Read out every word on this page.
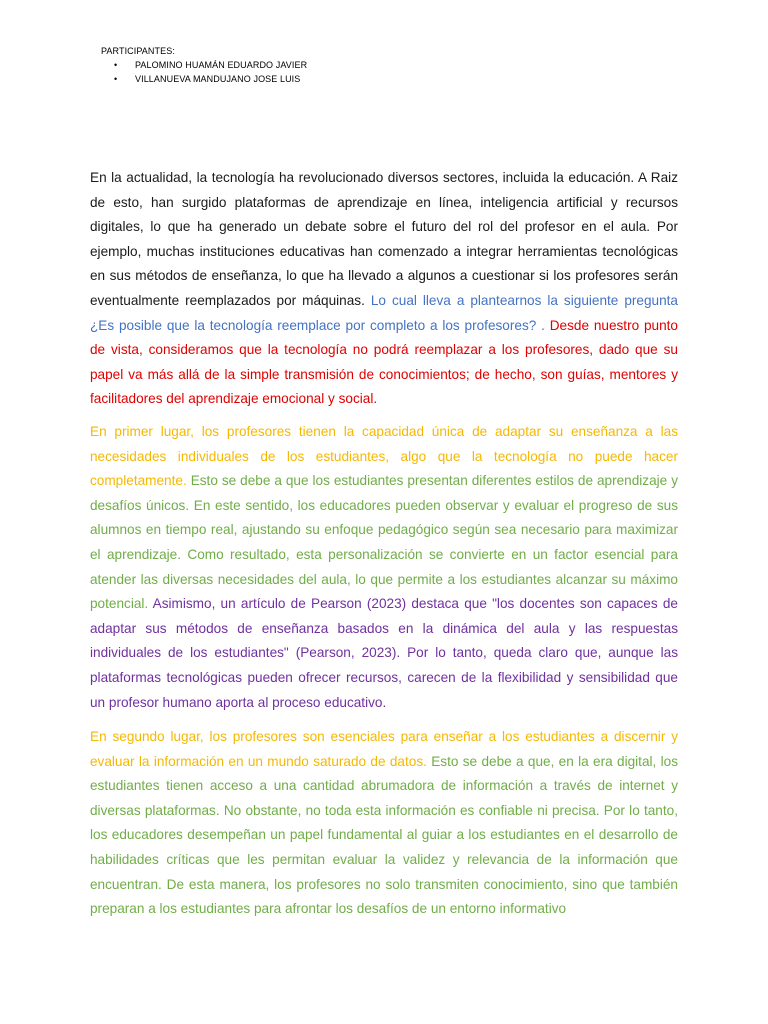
PARTICIPANTES:
• PALOMINO HUAMÁN EDUARDO JAVIER
• VILLANUEVA MANDUJANO JOSE LUIS

En la actualidad, la tecnología ha revolucionado diversos sectores, incluida la educación. A Raiz de esto, han surgido plataformas de aprendizaje en línea, inteligencia artificial y recursos digitales, lo que ha generado un debate sobre el futuro del rol del profesor en el aula. Por ejemplo, muchas instituciones educativas han comenzado a integrar herramientas tecnológicas en sus métodos de enseñanza, lo que ha llevado a algunos a cuestionar si los profesores serán eventualmente reemplazados por máquinas. Lo cual lleva a plantearnos la siguiente pregunta ¿Es posible que la tecnología reemplace por completo a los profesores? . Desde nuestro punto de vista, consideramos que la tecnología no podrá reemplazar a los profesores, dado que su papel va más allá de la simple transmisión de conocimientos; de hecho, son guías, mentores y facilitadores del aprendizaje emocional y social.

En primer lugar, los profesores tienen la capacidad única de adaptar su enseñanza a las necesidades individuales de los estudiantes, algo que la tecnología no puede hacer completamente. Esto se debe a que los estudiantes presentan diferentes estilos de aprendizaje y desafíos únicos. En este sentido, los educadores pueden observar y evaluar el progreso de sus alumnos en tiempo real, ajustando su enfoque pedagógico según sea necesario para maximizar el aprendizaje. Como resultado, esta personalización se convierte en un factor esencial para atender las diversas necesidades del aula, lo que permite a los estudiantes alcanzar su máximo potencial. Asimismo, un artículo de Pearson (2023) destaca que "los docentes son capaces de adaptar sus métodos de enseñanza basados en la dinámica del aula y las respuestas individuales de los estudiantes" (Pearson, 2023). Por lo tanto, queda claro que, aunque las plataformas tecnológicas pueden ofrecer recursos, carecen de la flexibilidad y sensibilidad que un profesor humano aporta al proceso educativo.

En segundo lugar, los profesores son esenciales para enseñar a los estudiantes a discernir y evaluar la información en un mundo saturado de datos. Esto se debe a que, en la era digital, los estudiantes tienen acceso a una cantidad abrumadora de información a través de internet y diversas plataformas. No obstante, no toda esta información es confiable ni precisa. Por lo tanto, los educadores desempeñan un papel fundamental al guiar a los estudiantes en el desarrollo de habilidades críticas que les permitan evaluar la validez y relevancia de la información que encuentran. De esta manera, los profesores no solo transmiten conocimiento, sino que también preparan a los estudiantes para afrontar los desafíos de un entorno informativo
